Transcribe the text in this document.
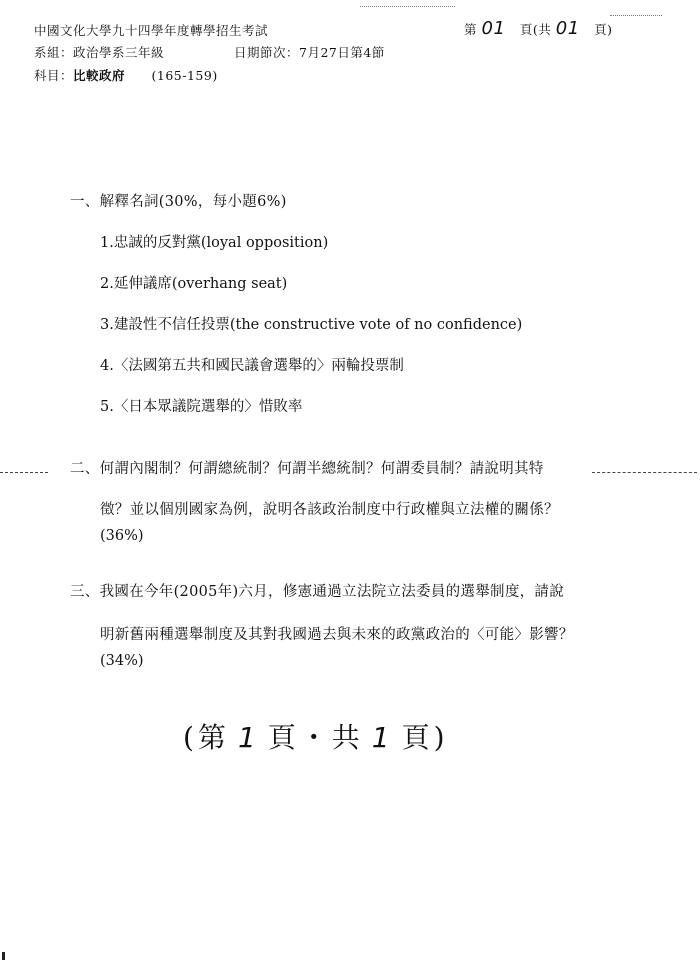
中國文化大學九十四學年度轉學招生考試
系組：政治學系三年級	日期節次：7月27日第4節
科目：比較政府 (165-159)
第 01 頁(共 01 頁)
一、解釋名詞(30%，每小題6%)
1.忠誠的反對黨(loyal opposition)
2.延伸議席(overhang seat)
3.建設性不信任投票(the constructive vote of no confidence)
4.〈法國第五共和國民議會選舉的〉兩輪投票制
5.〈日本眾議院選舉的〉惜敗率
二、何謂內閣制？何謂總統制？何謂半總統制？何謂委員制？請說明其特
徵？並以個別國家為例，說明各該政治制度中行政權與立法權的關係？
(36%)
三、我國在今年(2005年)六月，修憲通過立法院立法委員的選舉制度，請說
明新舊兩種選舉制度及其對我國過去與未來的政黨政治的〈可能〉影響？
(34%)
(第 1 頁・共 1 頁)
